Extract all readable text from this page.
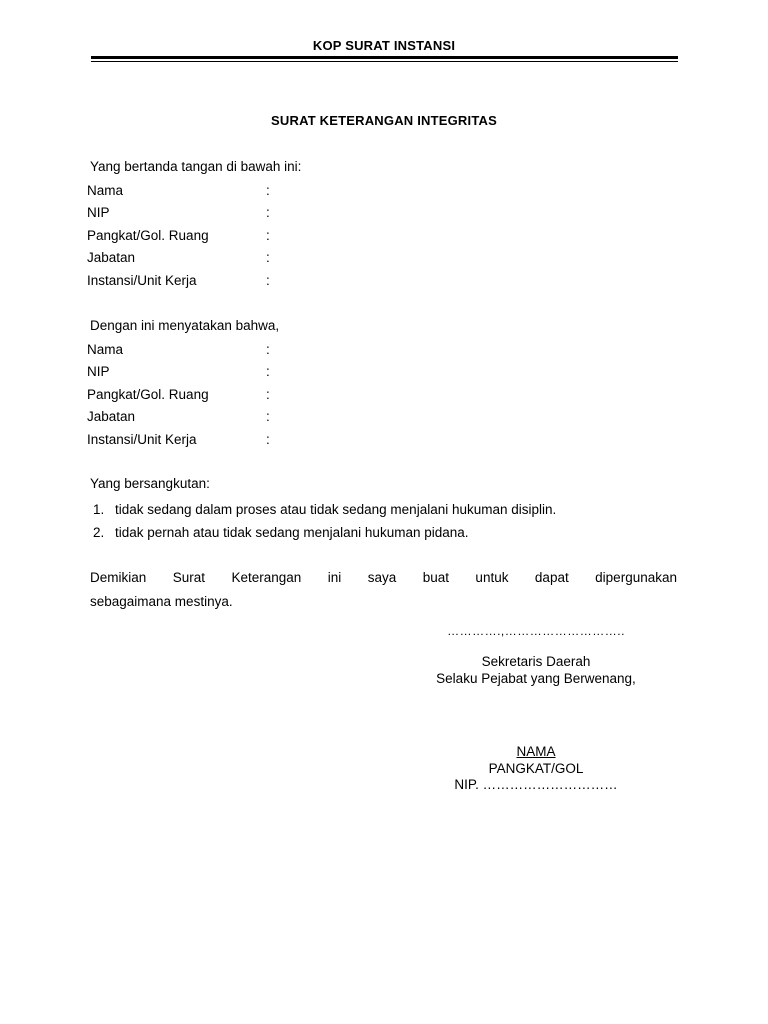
KOP SURAT INSTANSI
SURAT KETERANGAN INTEGRITAS
Yang bertanda tangan di bawah ini:
Nama	:
NIP	:
Pangkat/Gol. Ruang	:
Jabatan	:
Instansi/Unit Kerja	:
Dengan ini menyatakan bahwa,
Nama	:
NIP	:
Pangkat/Gol. Ruang	:
Jabatan	:
Instansi/Unit Kerja	:
Yang bersangkutan:
1. tidak sedang dalam proses atau tidak sedang menjalani hukuman disiplin.
2. tidak pernah atau tidak sedang menjalani hukuman pidana.
Demikian Surat Keterangan ini saya buat untuk dapat dipergunakan
sebagaimana mestinya.
………….,………………………..
Sekretaris Daerah
Selaku Pejabat yang Berwenang,
NAMA
PANGKAT/GOL
NIP. …………………………
